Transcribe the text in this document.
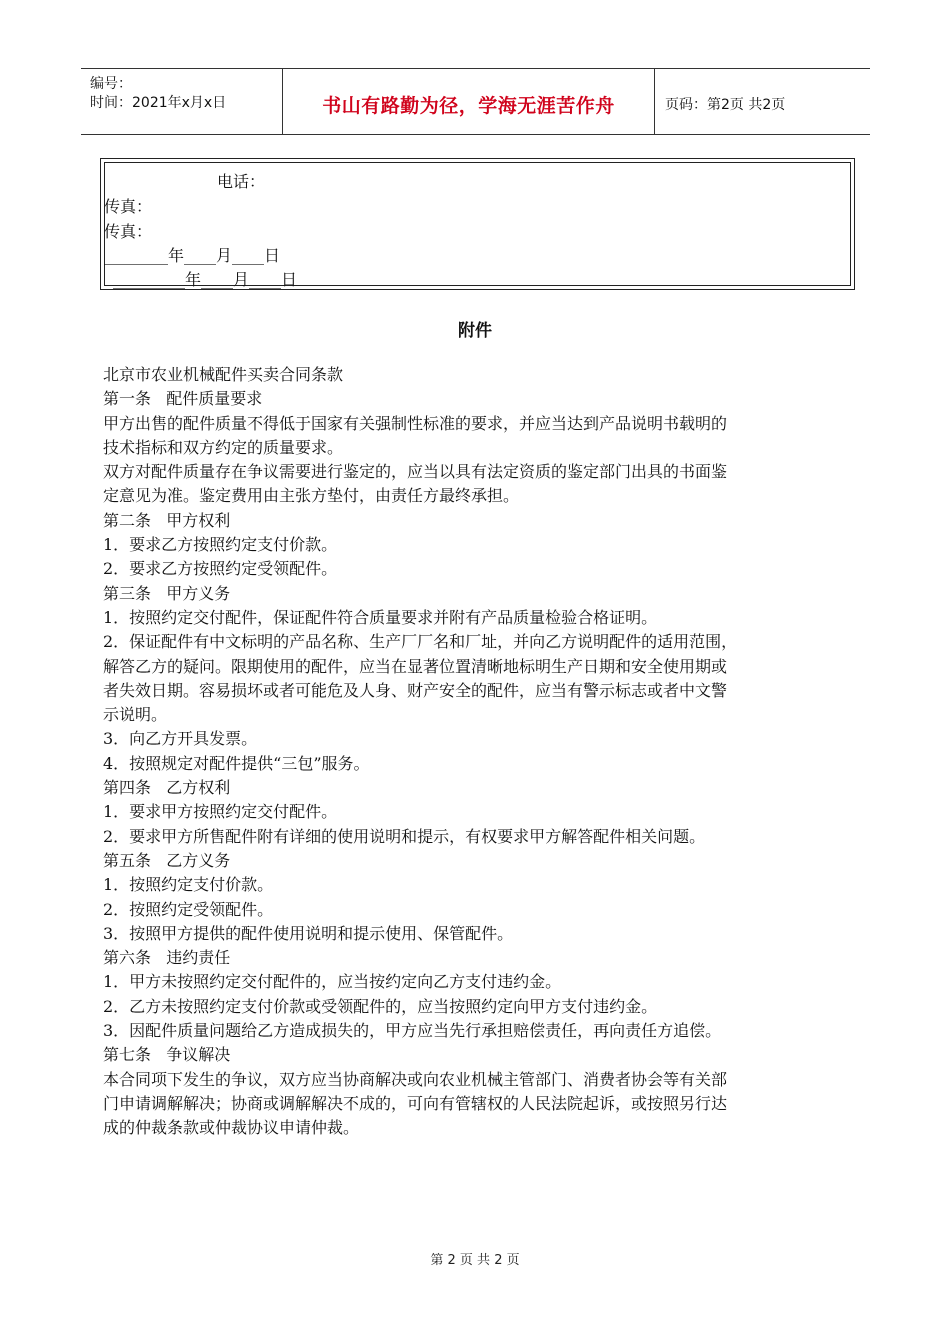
编号：
时间：2021年x月x日	书山有路勤为径，学海无涯苦作舟	页码：第2页 共2页
电话：
传真：
传真：
________年____月____日
_________年____月____日
附件

北京市农业机械配件买卖合同条款

第一条   配件质量要求

甲方出售的配件质量不得低于国家有关强制性标准的要求，并应当达到产品说明书载明的

技术指标和双方约定的质量要求。

双方对配件质量存在争议需要进行鉴定的，应当以具有法定资质的鉴定部门出具的书面鉴

定意见为准。鉴定费用由主张方垫付，由责任方最终承担。

第二条   甲方权利

1．要求乙方按照约定支付价款。

2．要求乙方按照约定受领配件。

第三条   甲方义务

1．按照约定交付配件，保证配件符合质量要求并附有产品质量检验合格证明。

2．保证配件有中文标明的产品名称、生产厂厂名和厂址，并向乙方说明配件的适用范围，

解答乙方的疑问。限期使用的配件，应当在显著位置清晰地标明生产日期和安全使用期或

者失效日期。容易损坏或者可能危及人身、财产安全的配件，应当有警示标志或者中文警

示说明。

3．向乙方开具发票。

4．按照规定对配件提供“三包”服务。

第四条   乙方权利

1．要求甲方按照约定交付配件。

2．要求甲方所售配件附有详细的使用说明和提示，有权要求甲方解答配件相关问题。

第五条   乙方义务

1．按照约定支付价款。

2．按照约定受领配件。

3．按照甲方提供的配件使用说明和提示使用、保管配件。

第六条   违约责任

1．甲方未按照约定交付配件的，应当按约定向乙方支付违约金。

2．乙方未按照约定支付价款或受领配件的，应当按照约定向甲方支付违约金。

3．因配件质量问题给乙方造成损失的，甲方应当先行承担赔偿责任，再向责任方追偿。

第七条   争议解决

本合同项下发生的争议，双方应当协商解决或向农业机械主管部门、消费者协会等有关部

门申请调解解决；协商或调解解决不成的，可向有管辖权的人民法院起诉，或按照另行达

成的仲裁条款或仲裁协议申请仲裁。

第 2 页 共 2 页
